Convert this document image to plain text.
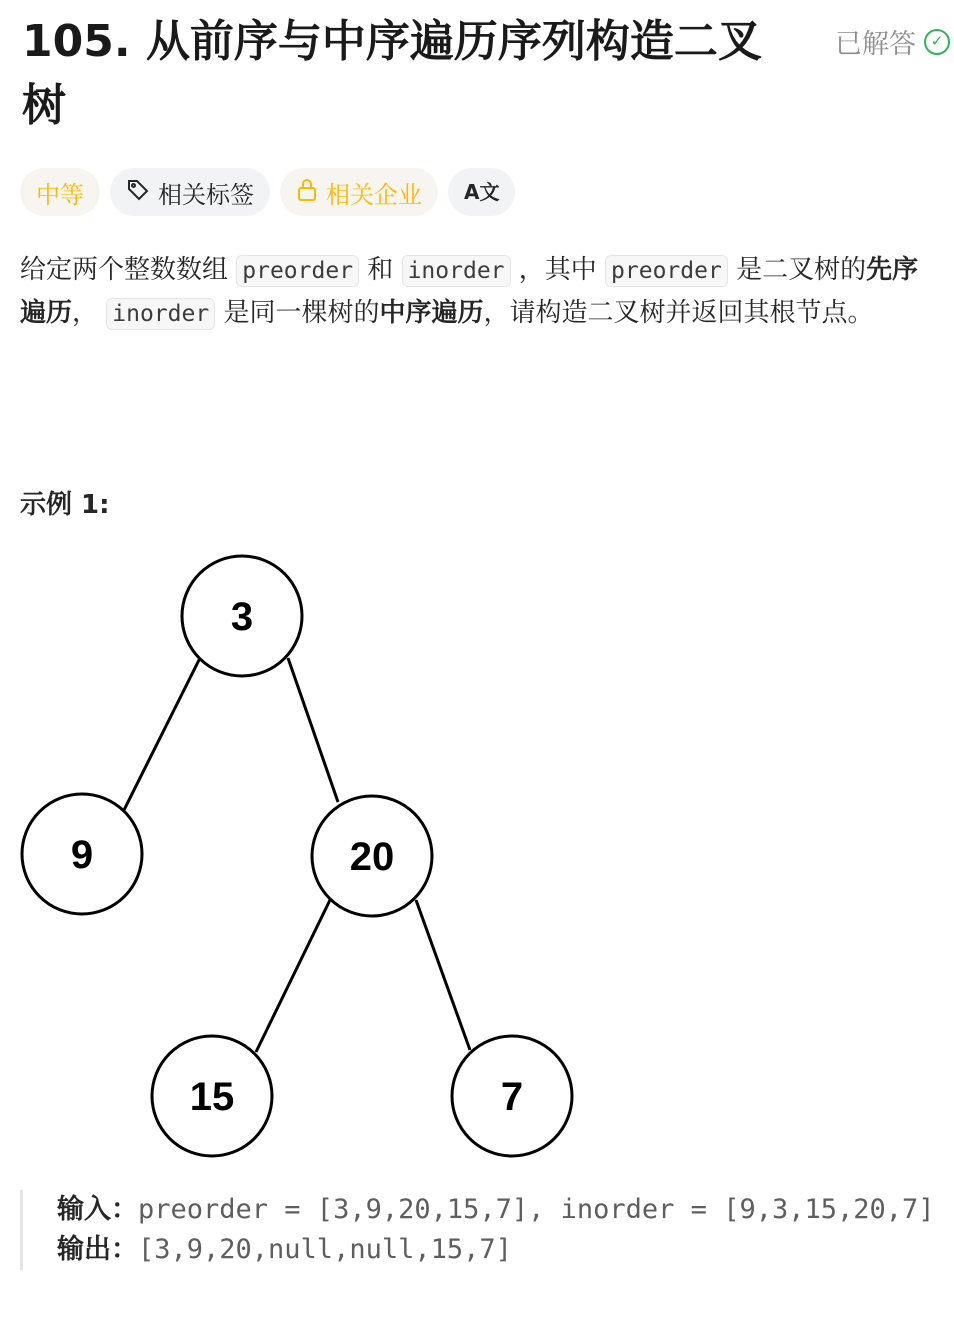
105. 从前序与中序遍历序列构造二叉树
已解答 ✓
中等	相关标签	相关企业 A文

给定两个整数数组 preorder 和 inorder ，其中 preorder 是二叉树的先序遍历， inorder 是同一棵树的中序遍历，请构造二叉树并返回其根节点。

示例 1:
3
9	20
15	7
输入：preorder = [3,9,20,15,7], inorder = [9,3,15,20,7]
输出：[3,9,20,null,null,15,7]
